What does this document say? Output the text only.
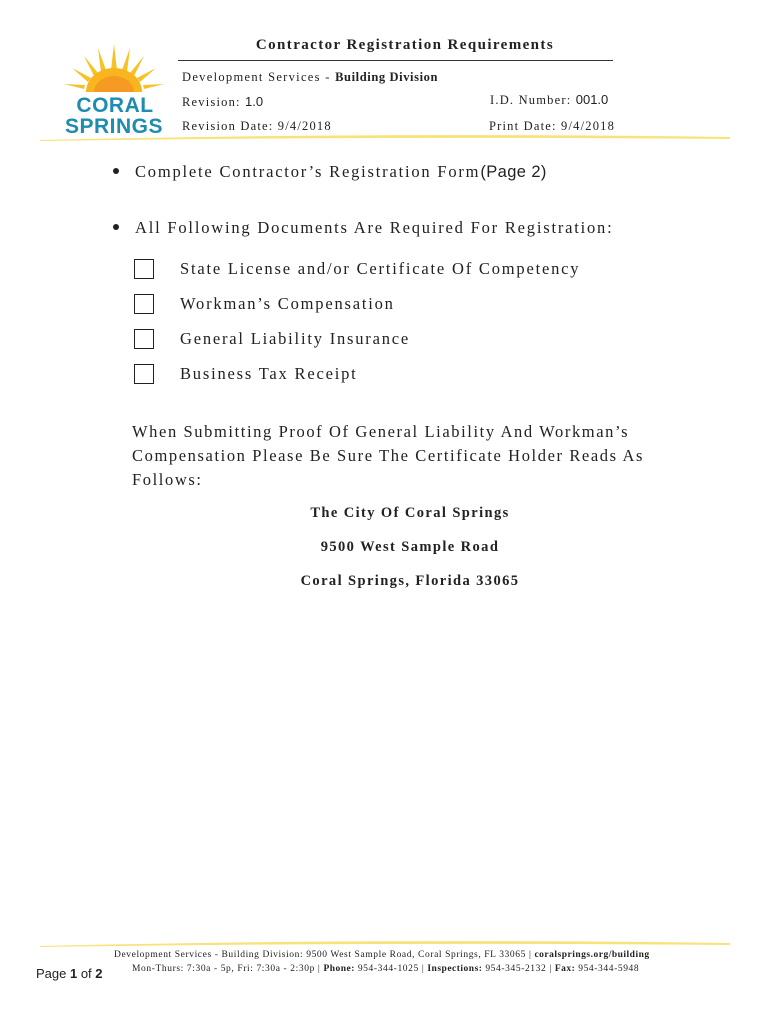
CORAL
SPRINGS
Contractor Registration Requirements
Development Services - Building Division
Revision: 1.0	I.D. Number: 001.0
Revision Date: 9/4/2018	Print Date: 9/4/2018
Complete Contractor’s Registration Form (Page 2)
All Following Documents Are Required For Registration:
State License and/or Certificate Of Competency
Workman’s Compensation
General Liability Insurance
Business Tax Receipt
When Submitting Proof Of General Liability And Workman’s Compensation Please Be Sure The Certificate Holder Reads As Follows:
The City Of Coral Springs
9500 West Sample Road
Coral Springs, Florida 33065
Page 1 of 2
Development Services - Building Division: 9500 West Sample Road, Coral Springs, FL 33065 | coralsprings.org/building
Mon-Thurs: 7:30a - 5p, Fri: 7:30a - 2:30p | Phone: 954-344-1025 | Inspections: 954-345-2132 | Fax: 954-344-5948
